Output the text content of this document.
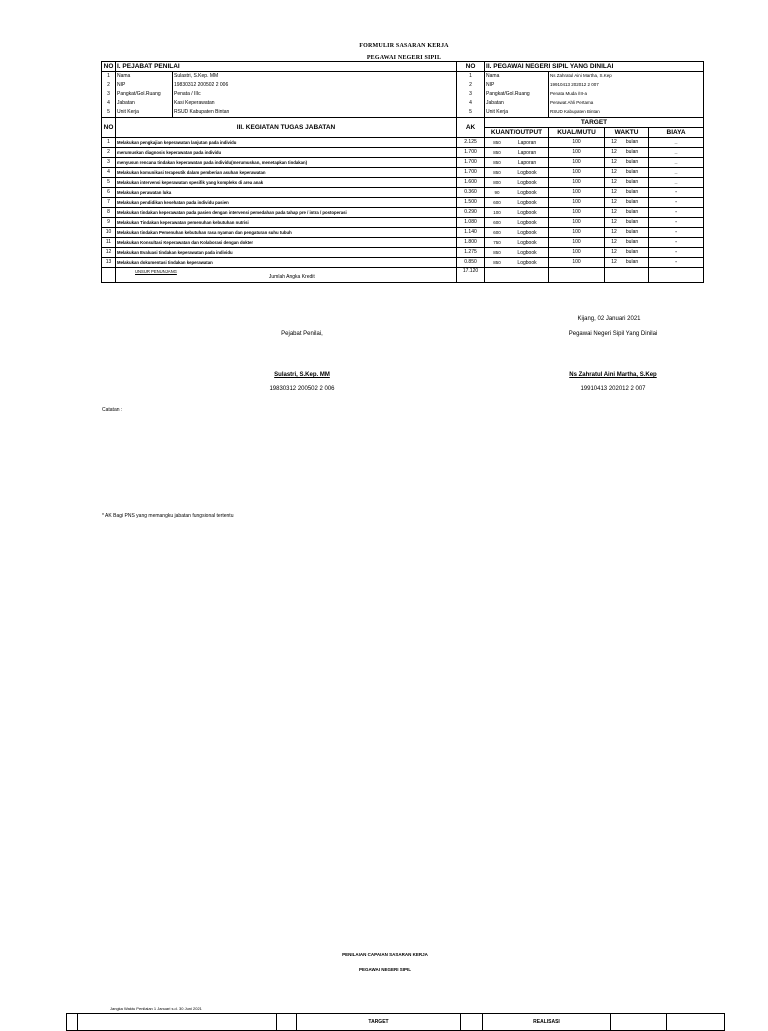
FORMULIR SASARAN KERJA
PEGAWAI NEGERI SIPIL
NO	I. PEJABAT PENILAI		NO	II. PEGAWAI NEGERI SIPIL YANG DINILAI			
1	Nama	Sulastri, S.Kep. MM	1	Nama	Ns Zahratul Aini Martha, S.Kep		
2	NIP	19830312 200502 2 006	2	NIP	19910413 202012 2 007		
3	Pangkat/Gol.Ruang	Penata / IIIc	3	Pangkat/Gol.Ruang	Penata Muda /III-a		
4	Jabatan	Kasi Keperawatan	4	Jabatan	Perawat Ahli Pertama		
5	Unit Kerja	RSUD Kabupaten Bintan	5	Unit Kerja	RSUD Kabupaten Bintan		
NO	III. KEGIATAN TUGAS JABATAN		AK	TARGET			
				KUANT/OUTPUT	KUAL/MUTU	WAKTU	BIAYA
1	Melakukan pengkajian keperawatan lanjutan pada individu		2.125	850 Laporan	100	12 bulan	_
2	merumuskan diagnosis keperawatan pada individu		1.700	850 Laporan	100	12 bulan	_
3	menyusun rencana tindakan keperawatan pada individu(merumuskan, menetapkan tindakan)		1.700	850 Laporan	100	12 bulan	_
4	Melakukan komunikasi terapeutik dalam pemberian asuhan keperawatan		1.700	850 Logbook	100	12 bulan	_
5	Melakukan intervensi keperawatan spesifik yang kompleks di area anak		1.600	800 Logbook	100	12 bulan	_
6	Melakukan perawatan luka		0.360	90 Logbook	100	12 bulan	-
7	Melakukan pendidikan kesehatan pada individu pasien		1.500	600 Logbook	100	12 bulan	-
8	Melakukan tindakan keperawatan pada pasien dengan intervensi pemedahan pada tahap pre / intra / postoperasi		0.290	100 Logbook	100	12 bulan	-
9	Melakukan Tindakan keperawatan pemenuhan kebutuhan nutrisi		1.080	600 Logbook	100	12 bulan	-
10	Melakukan tindakan Pemenuhan kebutuhan rasa nyaman dan pengaturan suhu tubuh		1.140	600 Logbook	100	12 bulan	-
11	Melakukan Konsultasi Keperawatan dan Kolaborasi dengan dokter		1.800	750 Logbook	100	12 bulan	-
12	Melakukan Evaluasi tindakan keperawatan pada individu		1.275	850 Logbook	100	12 bulan	-
13	Melakukan dokumentasi tindakan keperawatan		0.850	850 Logbook	100	12 bulan	-
	UNSUR PENUNJANGJumlah Angka Kredit		17.120				
Kijang, 02 Januari 2021
Pejabat Penilai,	Pegawai Negeri Sipil Yang Dinilai
Sulastri, S.Kep. MM
19830312 200502 2 006
Ns Zahratul Aini Martha, S.Kep
19910413 202012 2 007
Catatan :
* AK Bagi PNS yang memangku jabatan fungsional tertentu
PENILAIAN CAPAIAN SASARAN KERJA
PEGAWAI NEGERI SIPIL
Jangka Waktu Penilaian 1 Januari s.d. 30 Juni 2021
			TARGET		REALISASI		
